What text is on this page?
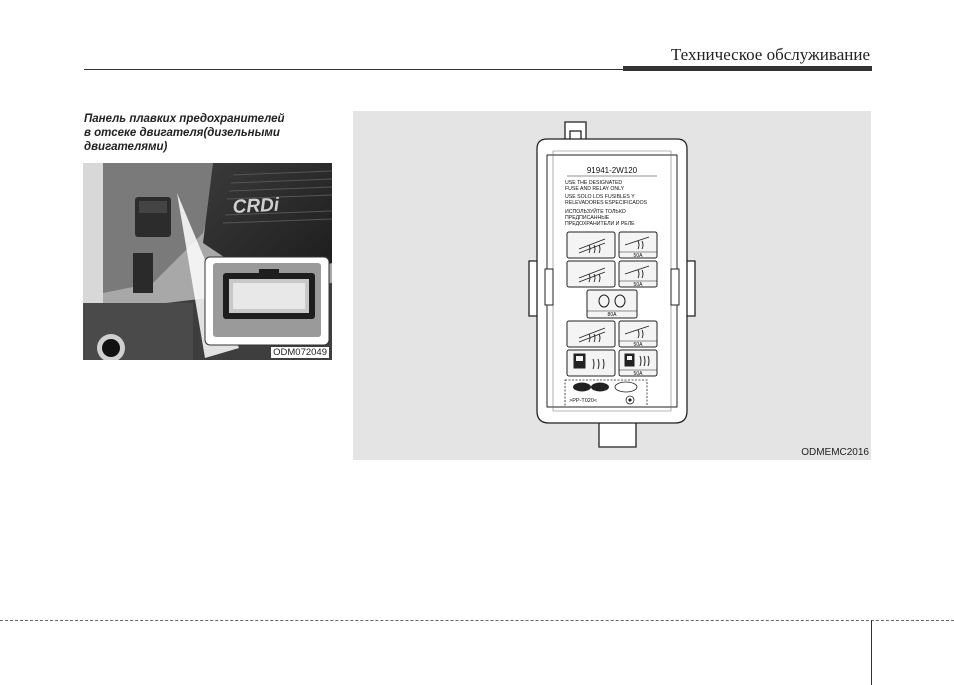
Техническое обслуживание
Панель плавких предохранителей
в отсеке двигателя(дизельными
двигателями)
CRDi
ODM072049
91941-2W120
USE THE DESIGNATED
FUSE AND RELAY ONLY
USE SOLO LOS FUSIBLES Y
RELEVADORES ESPECIFICADOS
ИСПОЛЬЗУЙТЕ ТОЛЬКО
ПРЕДПИСАННЫЕ
ПРЕДОХРАНИТЕЛИ И РЕЛЕ
50A
50A
80A
50A
50A
>PP-T020<
ODMEMC2016
